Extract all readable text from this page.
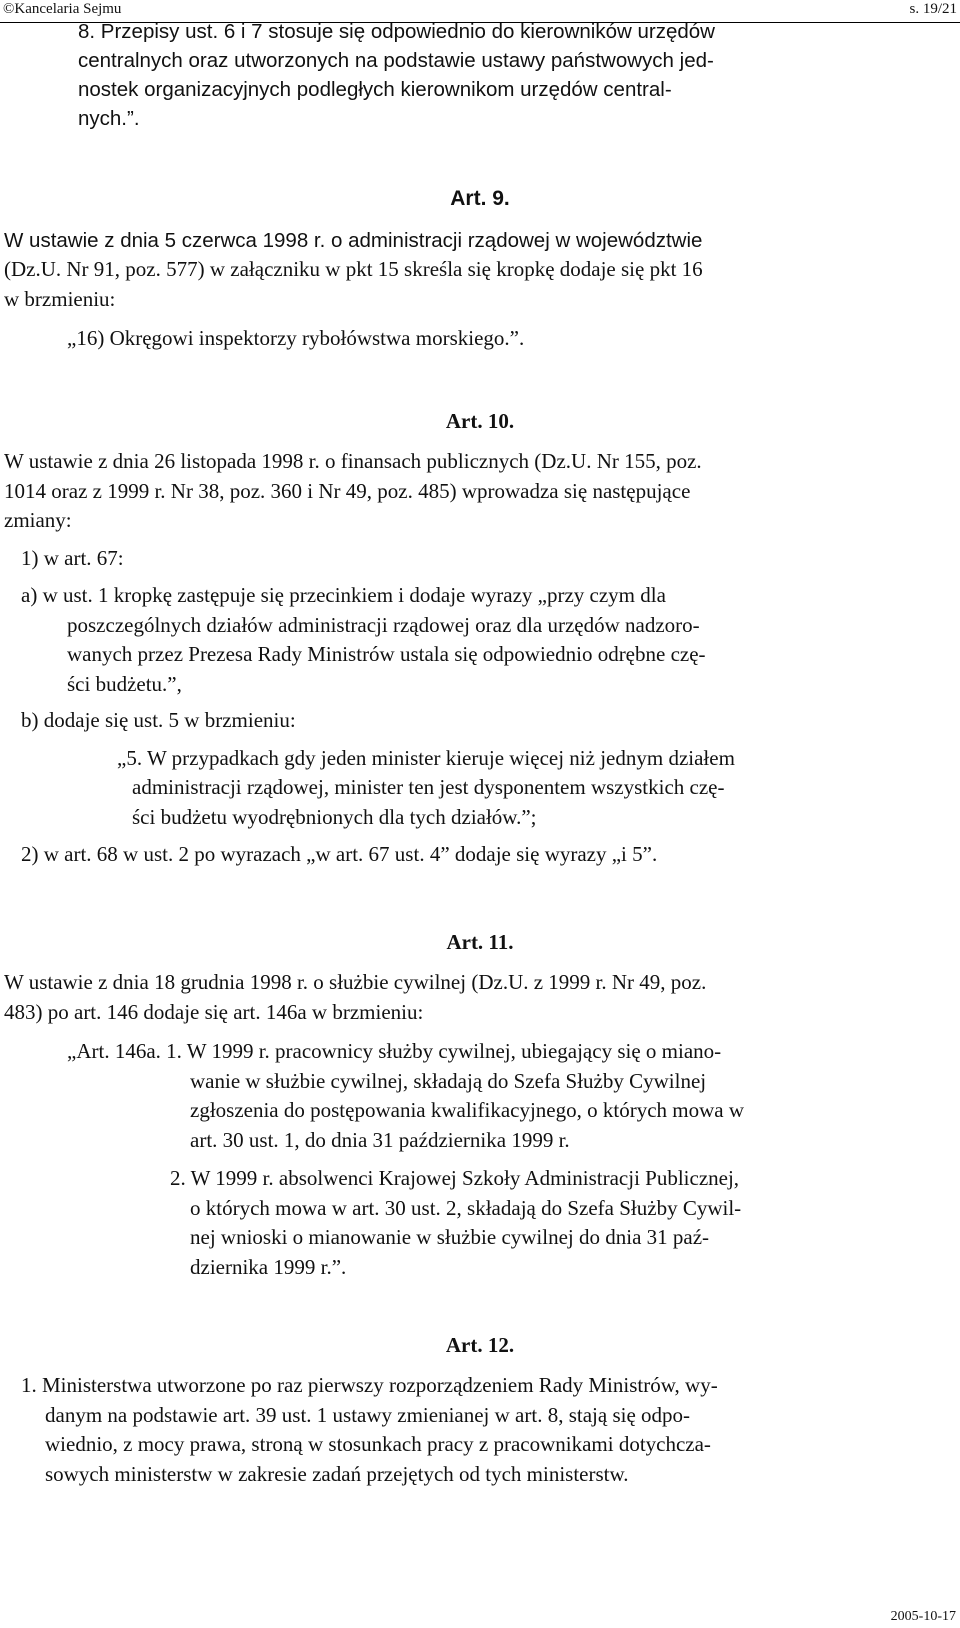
©Kancelaria Sejmu	s. 19/21

8. Przepisy ust. 6 i 7 stosuje się odpowiednio do kierowników urzędów

centralnych oraz utworzonych na podstawie ustawy państwowych jed-

nostek organizacyjnych podległych kierownikom urzędów central-

nych.”.

Art. 9.

W ustawie z dnia 5 czerwca 1998 r. o administracji rządowej w województwie

(Dz.U. Nr 91, poz. 577) w załączniku w pkt 15 skreśla się kropkę dodaje się pkt 16

w brzmieniu:

„16) Okręgowi inspektorzy rybołówstwa morskiego.”.

Art. 10.

W ustawie z dnia 26 listopada 1998 r. o finansach publicznych (Dz.U. Nr 155, poz.

1014 oraz z 1999 r. Nr 38, poz. 360 i Nr 49, poz. 485) wprowadza się następujące

zmiany:

1) w art. 67:

a) w ust. 1 kropkę zastępuje się przecinkiem i dodaje wyrazy „przy czym dla

poszczególnych działów administracji rządowej oraz dla urzędów nadzoro-

wanych przez Prezesa Rady Ministrów ustala się odpowiednio odrębne czę-

ści budżetu.”,

b) dodaje się ust. 5 w brzmieniu:

„5. W przypadkach gdy jeden minister kieruje więcej niż jednym działem

administracji rządowej, minister ten jest dysponentem wszystkich czę-

ści budżetu wyodrębnionych dla tych działów.”;

2) w art. 68 w ust. 2 po wyrazach „w art. 67 ust. 4” dodaje się wyrazy „i 5”.

Art. 11.

W ustawie z dnia 18 grudnia 1998 r. o służbie cywilnej (Dz.U. z 1999 r. Nr 49, poz.

483) po art. 146 dodaje się art. 146a w brzmieniu:

„Art. 146a. 1. W 1999 r. pracownicy służby cywilnej, ubiegający się o miano-

wanie w służbie cywilnej, składają do Szefa Służby Cywilnej

zgłoszenia do postępowania kwalifikacyjnego, o których mowa w

art. 30 ust. 1, do dnia 31 października 1999 r.

2. W 1999 r. absolwenci Krajowej Szkoły Administracji Publicznej,

o których mowa w art. 30 ust. 2, składają do Szefa Służby Cywil-

nej wnioski o mianowanie w służbie cywilnej do dnia 31 paź-

dziernika 1999 r.”.

Art. 12.

1. Ministerstwa utworzone po raz pierwszy rozporządzeniem Rady Ministrów, wy-

danym na podstawie art. 39 ust. 1 ustawy zmienianej w art. 8, stają się odpo-

wiednio, z mocy prawa, stroną w stosunkach pracy z pracownikami dotychcza-

sowych ministerstw w zakresie zadań przejętych od tych ministerstw.

2005-10-17
